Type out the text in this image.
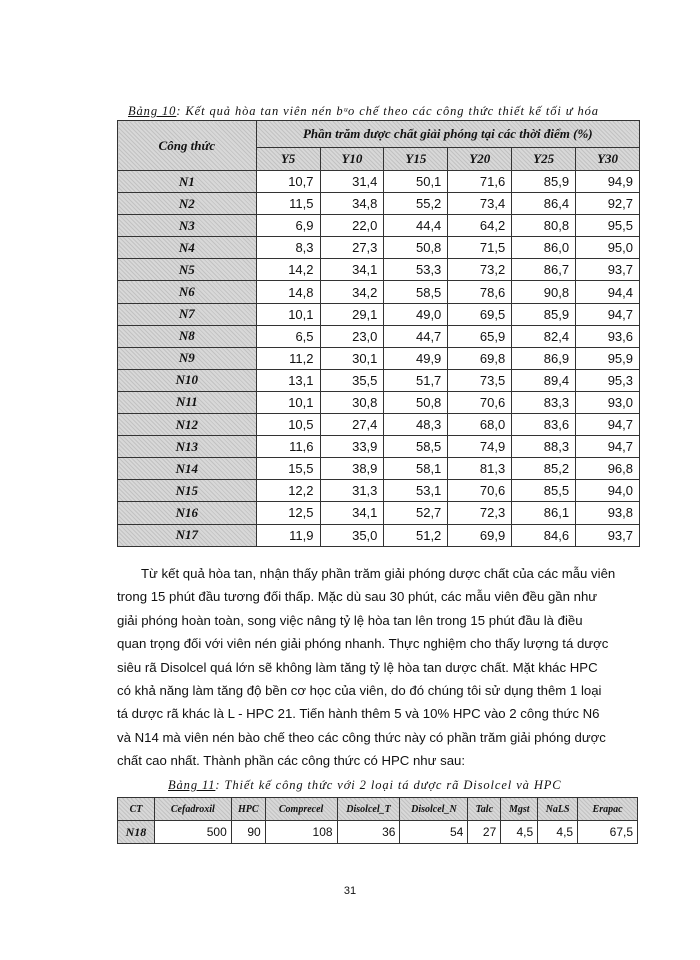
Bảng 10: Kết quả hòa tan viên nén bᵘo chế theo các công thức thiết kế tối ư hóa
Công thức	Phần trăm dược chất giải phóng tại các thời điểm (%)					
	Y5	Y10	Y15	Y20	Y25	Y30
N1	10,7	31,4	50,1	71,6	85,9	94,9
N2	11,5	34,8	55,2	73,4	86,4	92,7
N3	6,9	22,0	44,4	64,2	80,8	95,5
N4	8,3	27,3	50,8	71,5	86,0	95,0
N5	14,2	34,1	53,3	73,2	86,7	93,7
N6	14,8	34,2	58,5	78,6	90,8	94,4
N7	10,1	29,1	49,0	69,5	85,9	94,7
N8	6,5	23,0	44,7	65,9	82,4	93,6
N9	11,2	30,1	49,9	69,8	86,9	95,9
N10	13,1	35,5	51,7	73,5	89,4	95,3
N11	10,1	30,8	50,8	70,6	83,3	93,0
N12	10,5	27,4	48,3	68,0	83,6	94,7
N13	11,6	33,9	58,5	74,9	88,3	94,7
N14	15,5	38,9	58,1	81,3	85,2	96,8
N15	12,2	31,3	53,1	70,6	85,5	94,0
N16	12,5	34,1	52,7	72,3	86,1	93,8
N17	11,9	35,0	51,2	69,9	84,6	93,7
Từ kết quả hòa tan, nhận thấy phần trăm giải phóng dược chất của các mẫu viên
trong 15 phút đầu tương đối thấp. Mặc dù sau 30 phút, các mẫu viên đều gần như
giải phóng hoàn toàn, song việc nâng tỷ lệ hòa tan lên trong 15 phút đầu là điều
quan trọng đối với viên nén giải phóng nhanh. Thực nghiệm cho thấy lượng tá dược
siêu rã Disolcel quá lớn sẽ không làm tăng tỷ lệ hòa tan dược chất. Mặt khác HPC
có khả năng làm tăng độ bền cơ học của viên, do đó chúng tôi sử dụng thêm 1 loại
tá dược rã khác là L - HPC 21. Tiến hành thêm 5 và 10% HPC vào 2 công thức N6
và N14 mà viên nén bào chế theo các công thức này có phần trăm giải phóng dược
chất cao nhất. Thành phần các công thức có HPC như sau:
Bảng 11: Thiết kế công thức với 2 loại tá dược rã Disolcel và HPC
CT	Cefadroxil	HPC	Comprecel	Disolcel_T	Disolcel_N	Talc	Mgst	NaLS	Erapac
N18	500	90	108	36	54	27	4,5	4,5	67,5
31
